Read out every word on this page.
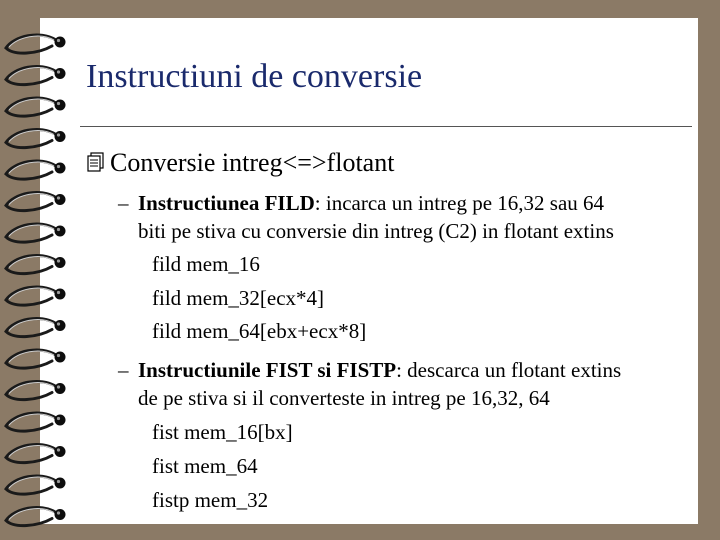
Instructiuni de conversie
Conversie intreg<=>flotant
– Instructiunea FILD: incarca un intreg pe 16,32 sau 64
biti pe stiva cu conversie din intreg (C2) in flotant extins
fild mem_16
fild mem_32[ecx*4]
fild mem_64[ebx+ecx*8]
– Instructiunile FIST si FISTP: descarca un flotant extins
de pe stiva si il converteste in intreg pe 16,32, 64
fist mem_16[bx]
fist mem_64
fistp mem_32
